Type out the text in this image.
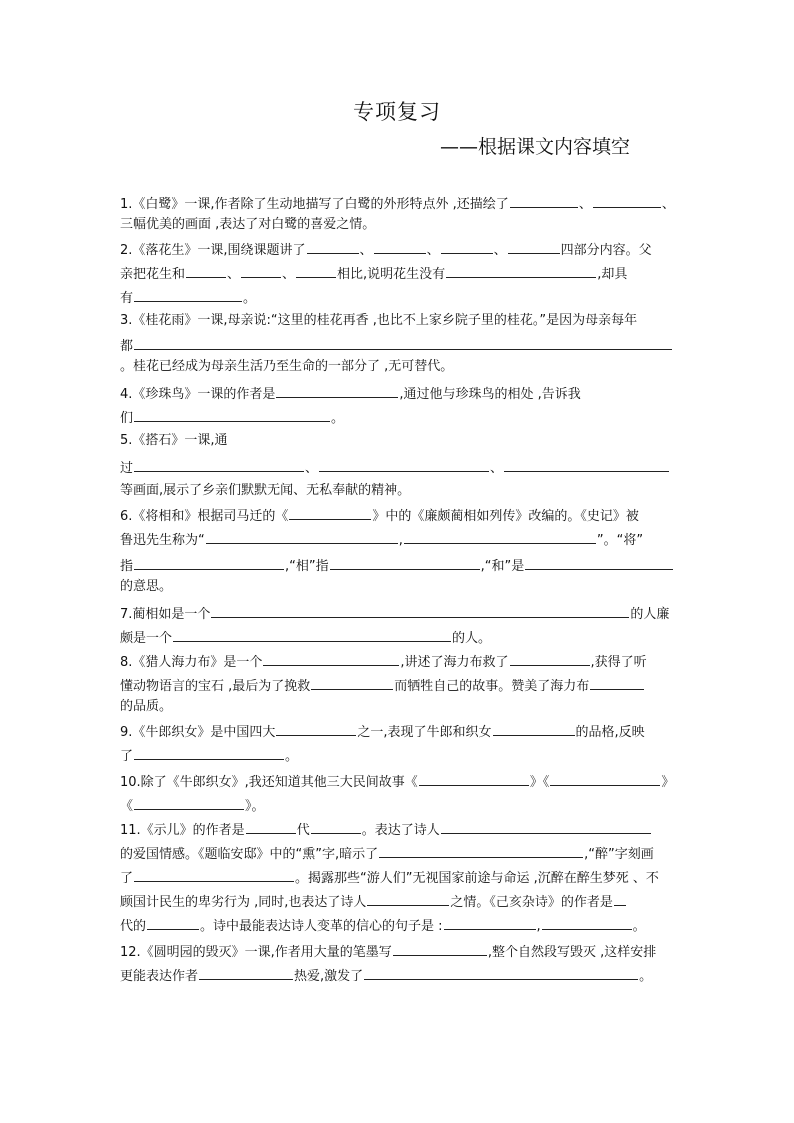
专项复习
——根据课文内容填空
1.《白鹭》一课,作者除了生动地描写了白鹭的外形特点外 ,还描绘了	、	、
三幅优美的画面 ,表达了对白鹭的喜爱之情。
2.《落花生》一课,围绕课题讲了	、	、	、	四部分内容。父
亲把花生和	、	、	相比,说明花生没有	,却具
有	。
3.《桂花雨》一课,母亲说:“这里的桂花再香 ,也比不上家乡院子里的桂花。”是因为母亲每年
都
。桂花已经成为母亲生活乃至生命的一部分了 ,无可替代。
4.《珍珠鸟》一课的作者是	,通过他与珍珠鸟的相处 ,告诉我
们	。
5.《搭石》一课,通
过	、	、
等画面,展示了乡亲们默默无闻、无私奉献的精神。
6.《将相和》根据司马迁的《	》中的《廉颇蔺相如列传》改编的。《史记》被
鲁迅先生称为“	,	”。“将”
指	,“相”指	,“和”是
的意思。
7.蔺相如是一个	的人廉
颇是一个	的人。
8.《猎人海力布》是一个	,讲述了海力布救了	,获得了听
懂动物语言的宝石 ,最后为了挽救	而牺牲自己的故事。赞美了海力布
的品质。
9.《牛郎织女》是中国四大	之一,表现了牛郎和织女	的品格,反映
了	。
10.除了《牛郎织女》,我还知道其他三大民间故事《	》《	》
《	》。
11.《示儿》的作者是	代	。表达了诗人
的爱国情感。《题临安邸》中的“熏”字,暗示了	,“醉”字刻画
了	。揭露那些“游人们”无视国家前途与命运 ,沉醉在醉生梦死 、不
顾国计民生的卑劣行为 ,同时,也表达了诗人	之情。《己亥杂诗》的作者是
代的	。诗中最能表达诗人变革的信心的句子是 :	,	。
12.《圆明园的毁灭》一课,作者用大量的笔墨写	,整个自然段写毁灭 ,这样安排
更能表达作者	热爱,激发了	。
